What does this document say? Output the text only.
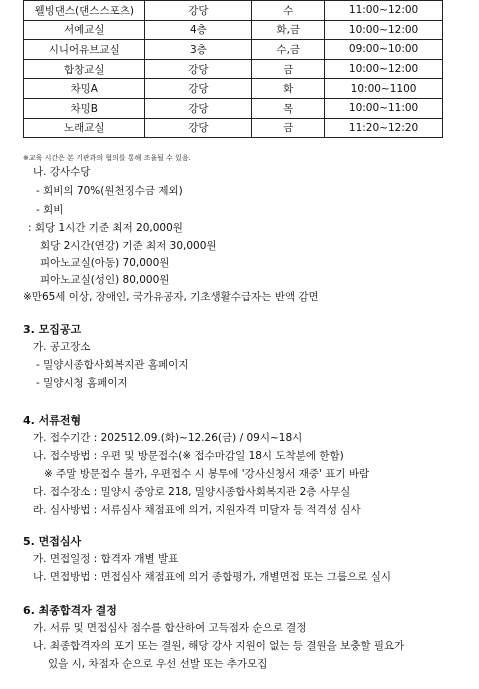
웰빙댄스(댄스스포츠)	강당	수	11:00~12:00
서예교실	4층	화,금	10:00~12:00
시니어유브교실	3층	수,금	09:00~10:00
합창교실	강당	금	10:00~12:00
차밍A	강당	화	10:00~1100
차밍B	강당	목	10:00~11:00
노래교실	강당	금	11:20~12:20
※교육 시간은 본 기관과의 협의를 통해 조율될 수 있음.
나. 강사수당
- 회비의 70%(원천징수금 제외)
- 회비
: 회당 1시간 기준 최저 20,000원
회당 2시간(연강) 기준 최저 30,000원
피아노교실(아동) 70,000원
피아노교실(성인) 80,000원
※만65세 이상, 장애인, 국가유공자, 기초생활수급자는 반액 감면
3. 모집공고
가. 공고장소
- 밀양시종합사회복지관 홈페이지
- 밀양시청 홈페이지
4. 서류전형
가. 접수기간 : 202512.09.(화)~12.26(금) / 09시~18시
나. 접수방법 : 우편 및 방문접수(※ 접수마감일 18시 도착분에 한함)
※ 주말 방문접수 불가, 우편접수 시 봉투에 '강사신청서 재중' 표기 바람
다. 접수장소 : 밀양시 중앙로 218, 밀양시종합사회복지관 2층 사무실
라. 심사방법 : 서류심사 채점표에 의거, 지원자격 미달자 등 적격성 심사
5. 면접심사
가. 면접일정 : 합격자 개별 발표
나. 면접방법 : 면접심사 채점표에 의거 종합평가, 개별면접 또는 그룹으로 실시
6. 최종합격자 결정
가. 서류 및 면접심사 점수를 합산하여 고득점자 순으로 결정
나. 최종합격자의 포기 또는 결원, 해당 강사 지원이 없는 등 결원을 보충할 필요가
있을 시, 차점자 순으로 우선 선발 또는 추가모집
